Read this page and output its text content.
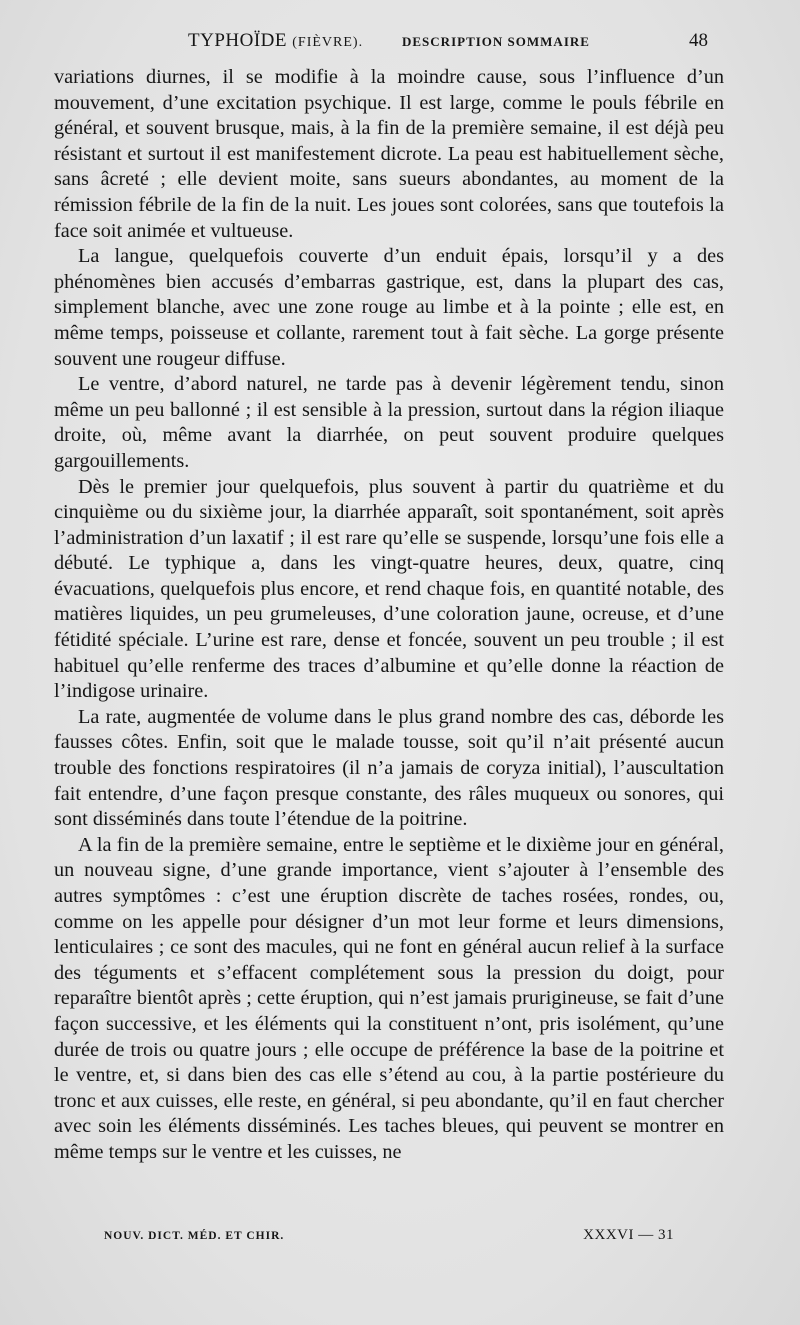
TYPHOÏDE (FIÈVRE).	DESCRIPTION SOMMAIRE	48

variations diurnes, il se modifie à la moindre cause, sous l’influence d’un mouvement, d’une excitation psychique. Il est large, comme le pouls fébrile en général, et souvent brusque, mais, à la fin de la première semaine, il est déjà peu résistant et surtout il est manifestement dicrote. La peau est habituellement sèche, sans âcreté ; elle devient moite, sans sueurs abondantes, au moment de la rémission fébrile de la fin de la nuit. Les joues sont colorées, sans que toutefois la face soit animée et vultueuse.

La langue, quelquefois couverte d’un enduit épais, lorsqu’il y a des phénomènes bien accusés d’embarras gastrique, est, dans la plupart des cas, simplement blanche, avec une zone rouge au limbe et à la pointe ; elle est, en même temps, poisseuse et collante, rarement tout à fait sèche. La gorge présente souvent une rougeur diffuse.

Le ventre, d’abord naturel, ne tarde pas à devenir légèrement tendu, sinon même un peu ballonné ; il est sensible à la pression, surtout dans la région iliaque droite, où, même avant la diarrhée, on peut souvent produire quelques gargouillements.

Dès le premier jour quelquefois, plus souvent à partir du quatrième et du cinquième ou du sixième jour, la diarrhée apparaît, soit spontanément, soit après l’administration d’un laxatif ; il est rare qu’elle se suspende, lorsqu’une fois elle a débuté. Le typhique a, dans les vingt-quatre heures, deux, quatre, cinq évacuations, quelquefois plus encore, et rend chaque fois, en quantité notable, des matières liquides, un peu grumeleuses, d’une coloration jaune, ocreuse, et d’une fétidité spéciale. L’urine est rare, dense et foncée, souvent un peu trouble ; il est habituel qu’elle renferme des traces d’albumine et qu’elle donne la réaction de l’indigose urinaire.

La rate, augmentée de volume dans le plus grand nombre des cas, déborde les fausses côtes. Enfin, soit que le malade tousse, soit qu’il n’ait présenté aucun trouble des fonctions respiratoires (il n’a jamais de coryza initial), l’auscultation fait entendre, d’une façon presque constante, des râles muqueux ou sonores, qui sont disséminés dans toute l’étendue de la poitrine.

A la fin de la première semaine, entre le septième et le dixième jour en général, un nouveau signe, d’une grande importance, vient s’ajouter à l’ensemble des autres symptômes : c’est une éruption discrète de taches rosées, rondes, ou, comme on les appelle pour désigner d’un mot leur forme et leurs dimensions, lenticulaires ; ce sont des macules, qui ne font en général aucun relief à la surface des téguments et s’effacent complétement sous la pression du doigt, pour reparaître bientôt après ; cette éruption, qui n’est jamais prurigineuse, se fait d’une façon successive, et les éléments qui la constituent n’ont, pris isolément, qu’une durée de trois ou quatre jours ; elle occupe de préférence la base de la poitrine et le ventre, et, si dans bien des cas elle s’étend au cou, à la partie postérieure du tronc et aux cuisses, elle reste, en général, si peu abondante, qu’il en faut chercher avec soin les éléments disséminés. Les taches bleues, qui peuvent se montrer en même temps sur le ventre et les cuisses, ne

NOUV. DICT. MÉD. ET CHIR.	XXXVI — 31
